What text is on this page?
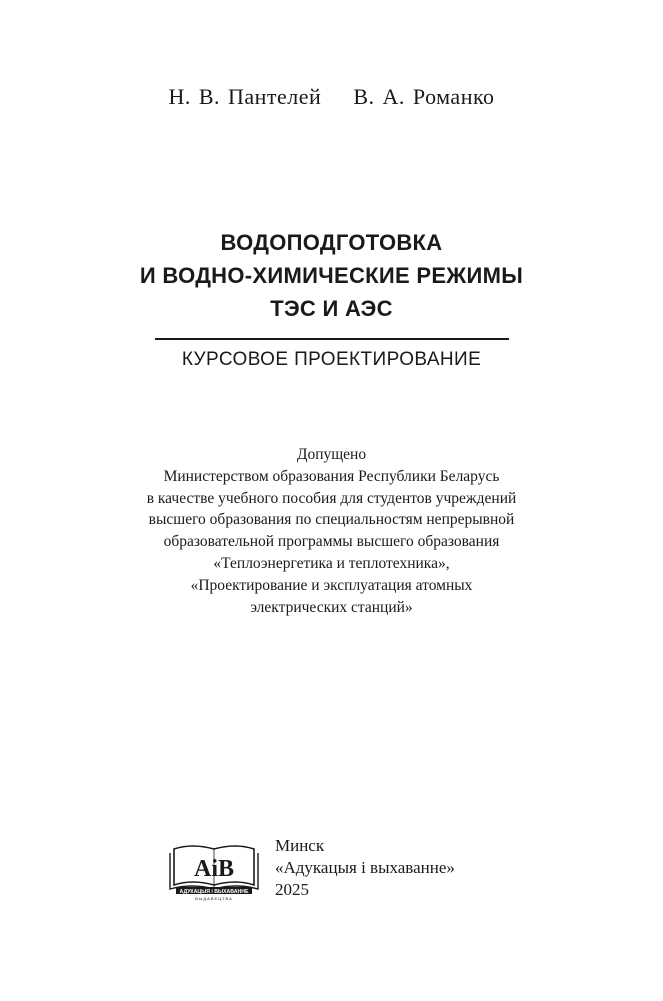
Н. В. Пантелей В. А. Романко
ВОДОПОДГОТОВКА
И ВОДНО-ХИМИЧЕСКИЕ РЕЖИМЫ
ТЭС И АЭС
КУРСОВОЕ ПРОЕКТИРОВАНИЕ
Допущено
Министерством образования Республики Беларусь
в качестве учебного пособия для студентов учреждений
высшего образования по специальностям непрерывной
образовательной программы высшего образования
«Теплоэнергетика и теплотехника»,
«Проектирование и эксплуатация атомных
электрических станций»
AiB
АДУКАЦЫЯ і ВЫХАВАННЕ
ВЫДАВЕЦТВА
Минск
«Адукацыя і выхаванне»
2025
